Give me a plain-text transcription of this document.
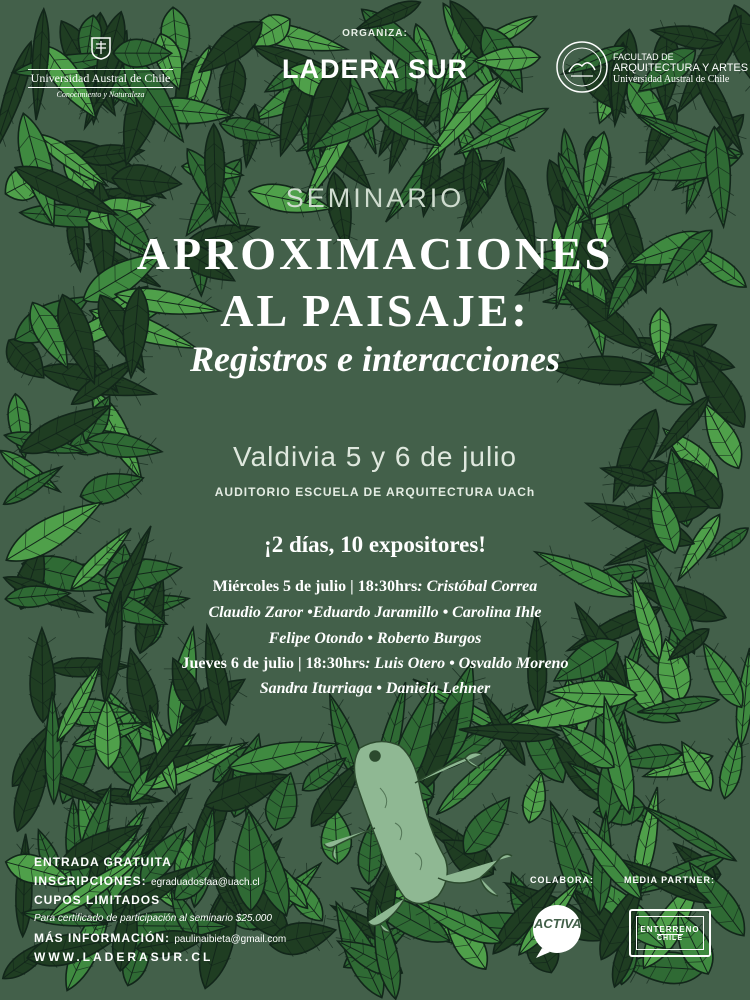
Universidad Austral de Chile
Conocimiento y Naturaleza
ORGANIZA:
LADERA SUR	FACULTAD DE
ARQUITECTURA Y ARTES
Universidad Austral de Chile
SEMINARIO
APROXIMACIONES
AL PAISAJE:
Registros e interacciones
Valdivia 5 y 6 de julio
AUDITORIO ESCUELA DE ARQUITECTURA UACh
¡2 días, 10 expositores!
Miércoles 5 de julio | 18:30hrs: Cristóbal Correa
Claudio Zaror •Eduardo Jaramillo • Carolina Ihle
Felipe Otondo • Roberto Burgos
Jueves 6 de julio | 18:30hrs: Luis Otero • Osvaldo Moreno
Sandra Iturriaga • Daniela Lehner
ENTRADA GRATUITA
INSCRIPCIONES: egraduadosfaa@uach.cl
CUPOS LIMITADOS
Para certificado de participación al seminario $25.000
MÁS INFORMACIÓN: paulinaibieta@gmail.com
WWW.LADERASUR.CL
COLABORA:
ACTIVA
MEDIA PARTNER:
ENTERRENO
CHILE
